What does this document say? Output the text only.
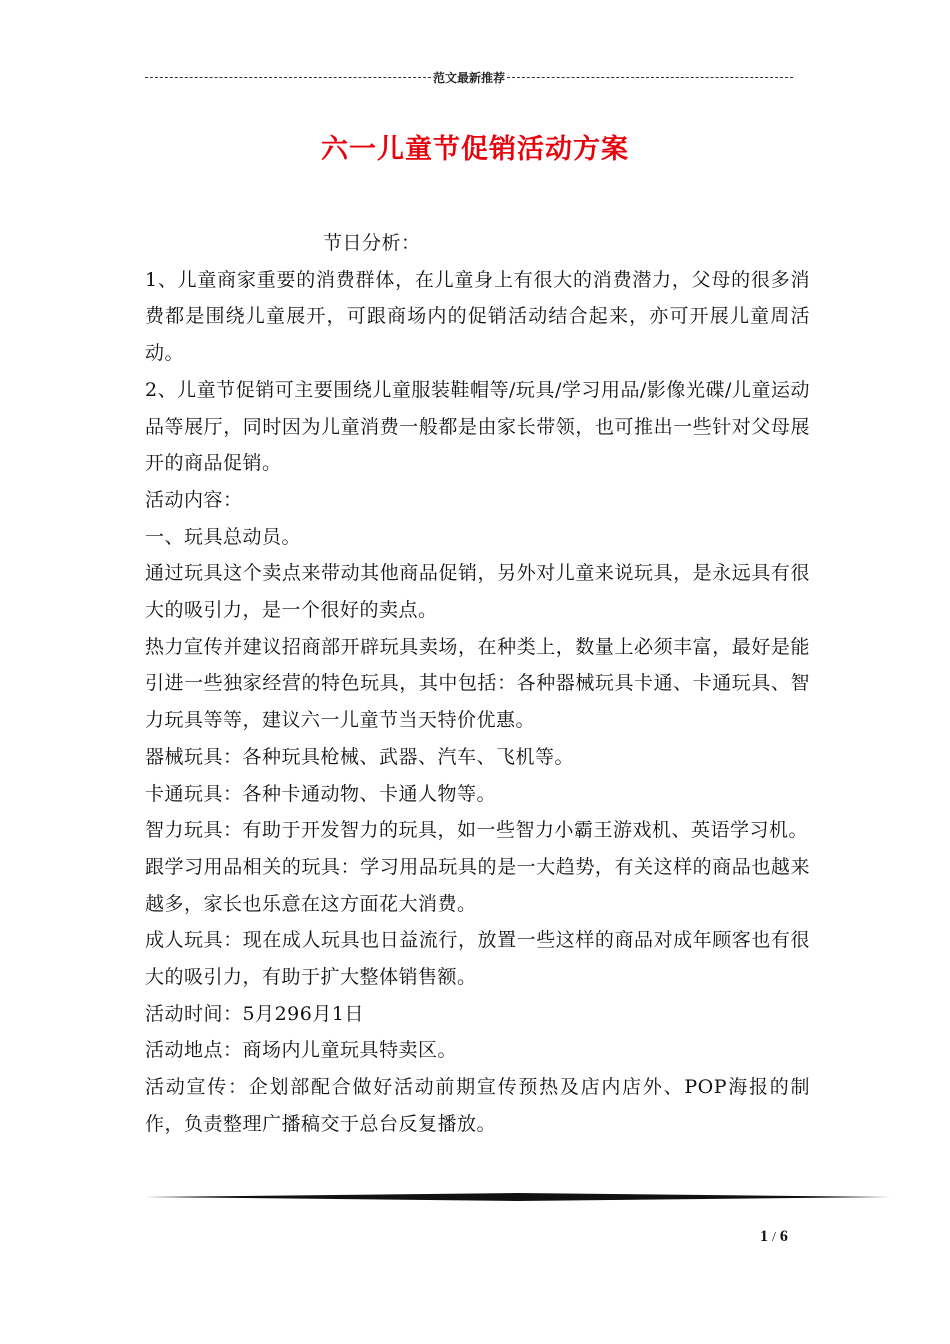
范文最新推荐
六一儿童节促销活动方案

节日分析：

1、儿童商家重要的消费群体，在儿童身上有很大的消费潜力，父母的很多消费都是围绕儿童展开，可跟商场内的促销活动结合起来，亦可开展儿童周活动。

2、儿童节促销可主要围绕儿童服装鞋帽等/玩具/学习用品/影像光碟/儿童运动品等展厅，同时因为儿童消费一般都是由家长带领，也可推出一些针对父母展开的商品促销。

活动内容：

一、玩具总动员。

通过玩具这个卖点来带动其他商品促销，另外对儿童来说玩具，是永远具有很大的吸引力，是一个很好的卖点。

热力宣传并建议招商部开辟玩具卖场，在种类上，数量上必须丰富，最好是能引进一些独家经营的特色玩具，其中包括：各种器械玩具卡通、卡通玩具、智力玩具等等，建议六一儿童节当天特价优惠。

器械玩具：各种玩具枪械、武器、汽车、飞机等。

卡通玩具：各种卡通动物、卡通人物等。

智力玩具：有助于开发智力的玩具，如一些智力小霸王游戏机、英语学习机。

跟学习用品相关的玩具：学习用品玩具的是一大趋势，有关这样的商品也越来越多，家长也乐意在这方面花大消费。

成人玩具：现在成人玩具也日益流行，放置一些这样的商品对成年顾客也有很大的吸引力，有助于扩大整体销售额。

活动时间：5月296月1日

活动地点：商场内儿童玩具特卖区。

活动宣传：企划部配合做好活动前期宣传预热及店内店外、POP海报的制作，负责整理广播稿交于总台反复播放。

1 / 6
